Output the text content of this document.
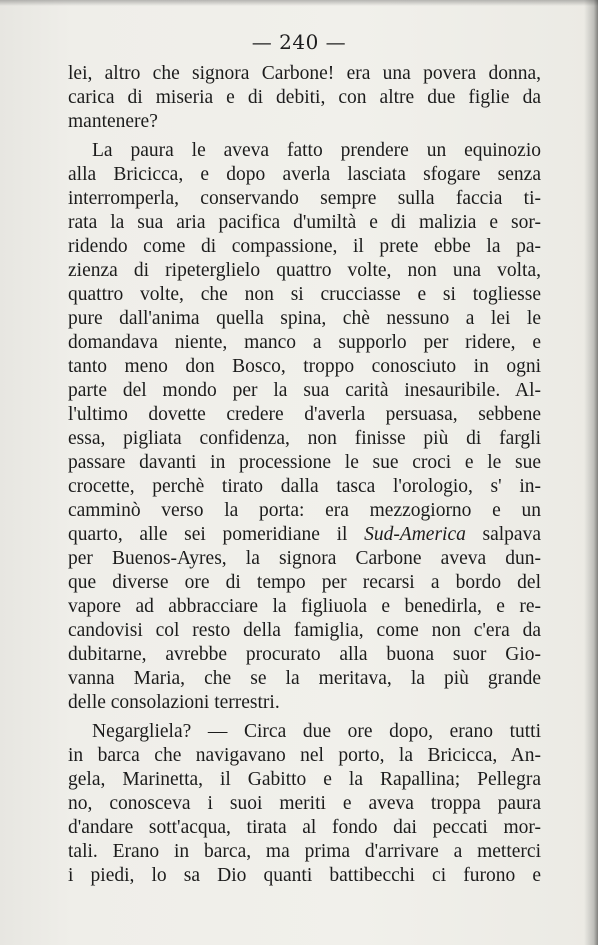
— 240 —
lei, altro che signora Carbone! era una povera donna,
carica di miseria e di debiti, con altre due figlie da
mantenere?
La paura le aveva fatto prendere un equinozio
alla Bricicca, e dopo averla lasciata sfogare senza
interromperla, conservando sempre sulla faccia ti-
rata la sua aria pacifica d'umiltà e di malizia e sor-
ridendo come di compassione, il prete ebbe la pa-
zienza di ripeterglielo quattro volte, non una volta,
quattro volte, che non si crucciasse e si togliesse
pure dall'anima quella spina, chè nessuno a lei le
domandava niente, manco a supporlo per ridere, e
tanto meno don Bosco, troppo conosciuto in ogni
parte del mondo per la sua carità inesauribile. Al-
l'ultimo dovette credere d'averla persuasa, sebbene
essa, pigliata confidenza, non finisse più di fargli
passare davanti in processione le sue croci e le sue
crocette, perchè tirato dalla tasca l'orologio, s' in-
camminò verso la porta: era mezzogiorno e un
quarto, alle sei pomeridiane il Sud-America salpava
per Buenos-Ayres, la signora Carbone aveva dun-
que diverse ore di tempo per recarsi a bordo del
vapore ad abbracciare la figliuola e benedirla, e re-
candovisi col resto della famiglia, come non c'era da
dubitarne, avrebbe procurato alla buona suor Gio-
vanna Maria, che se la meritava, la più grande
delle consolazioni terrestri.
Negargliela? — Circa due ore dopo, erano tutti
in barca che navigavano nel porto, la Bricicca, An-
gela, Marinetta, il Gabitto e la Rapallina; Pellegra
no, conosceva i suoi meriti e aveva troppa paura
d'andare sott'acqua, tirata al fondo dai peccati mor-
tali. Erano in barca, ma prima d'arrivare a metterci
i piedi, lo sa Dio quanti battibecchi ci furono e
